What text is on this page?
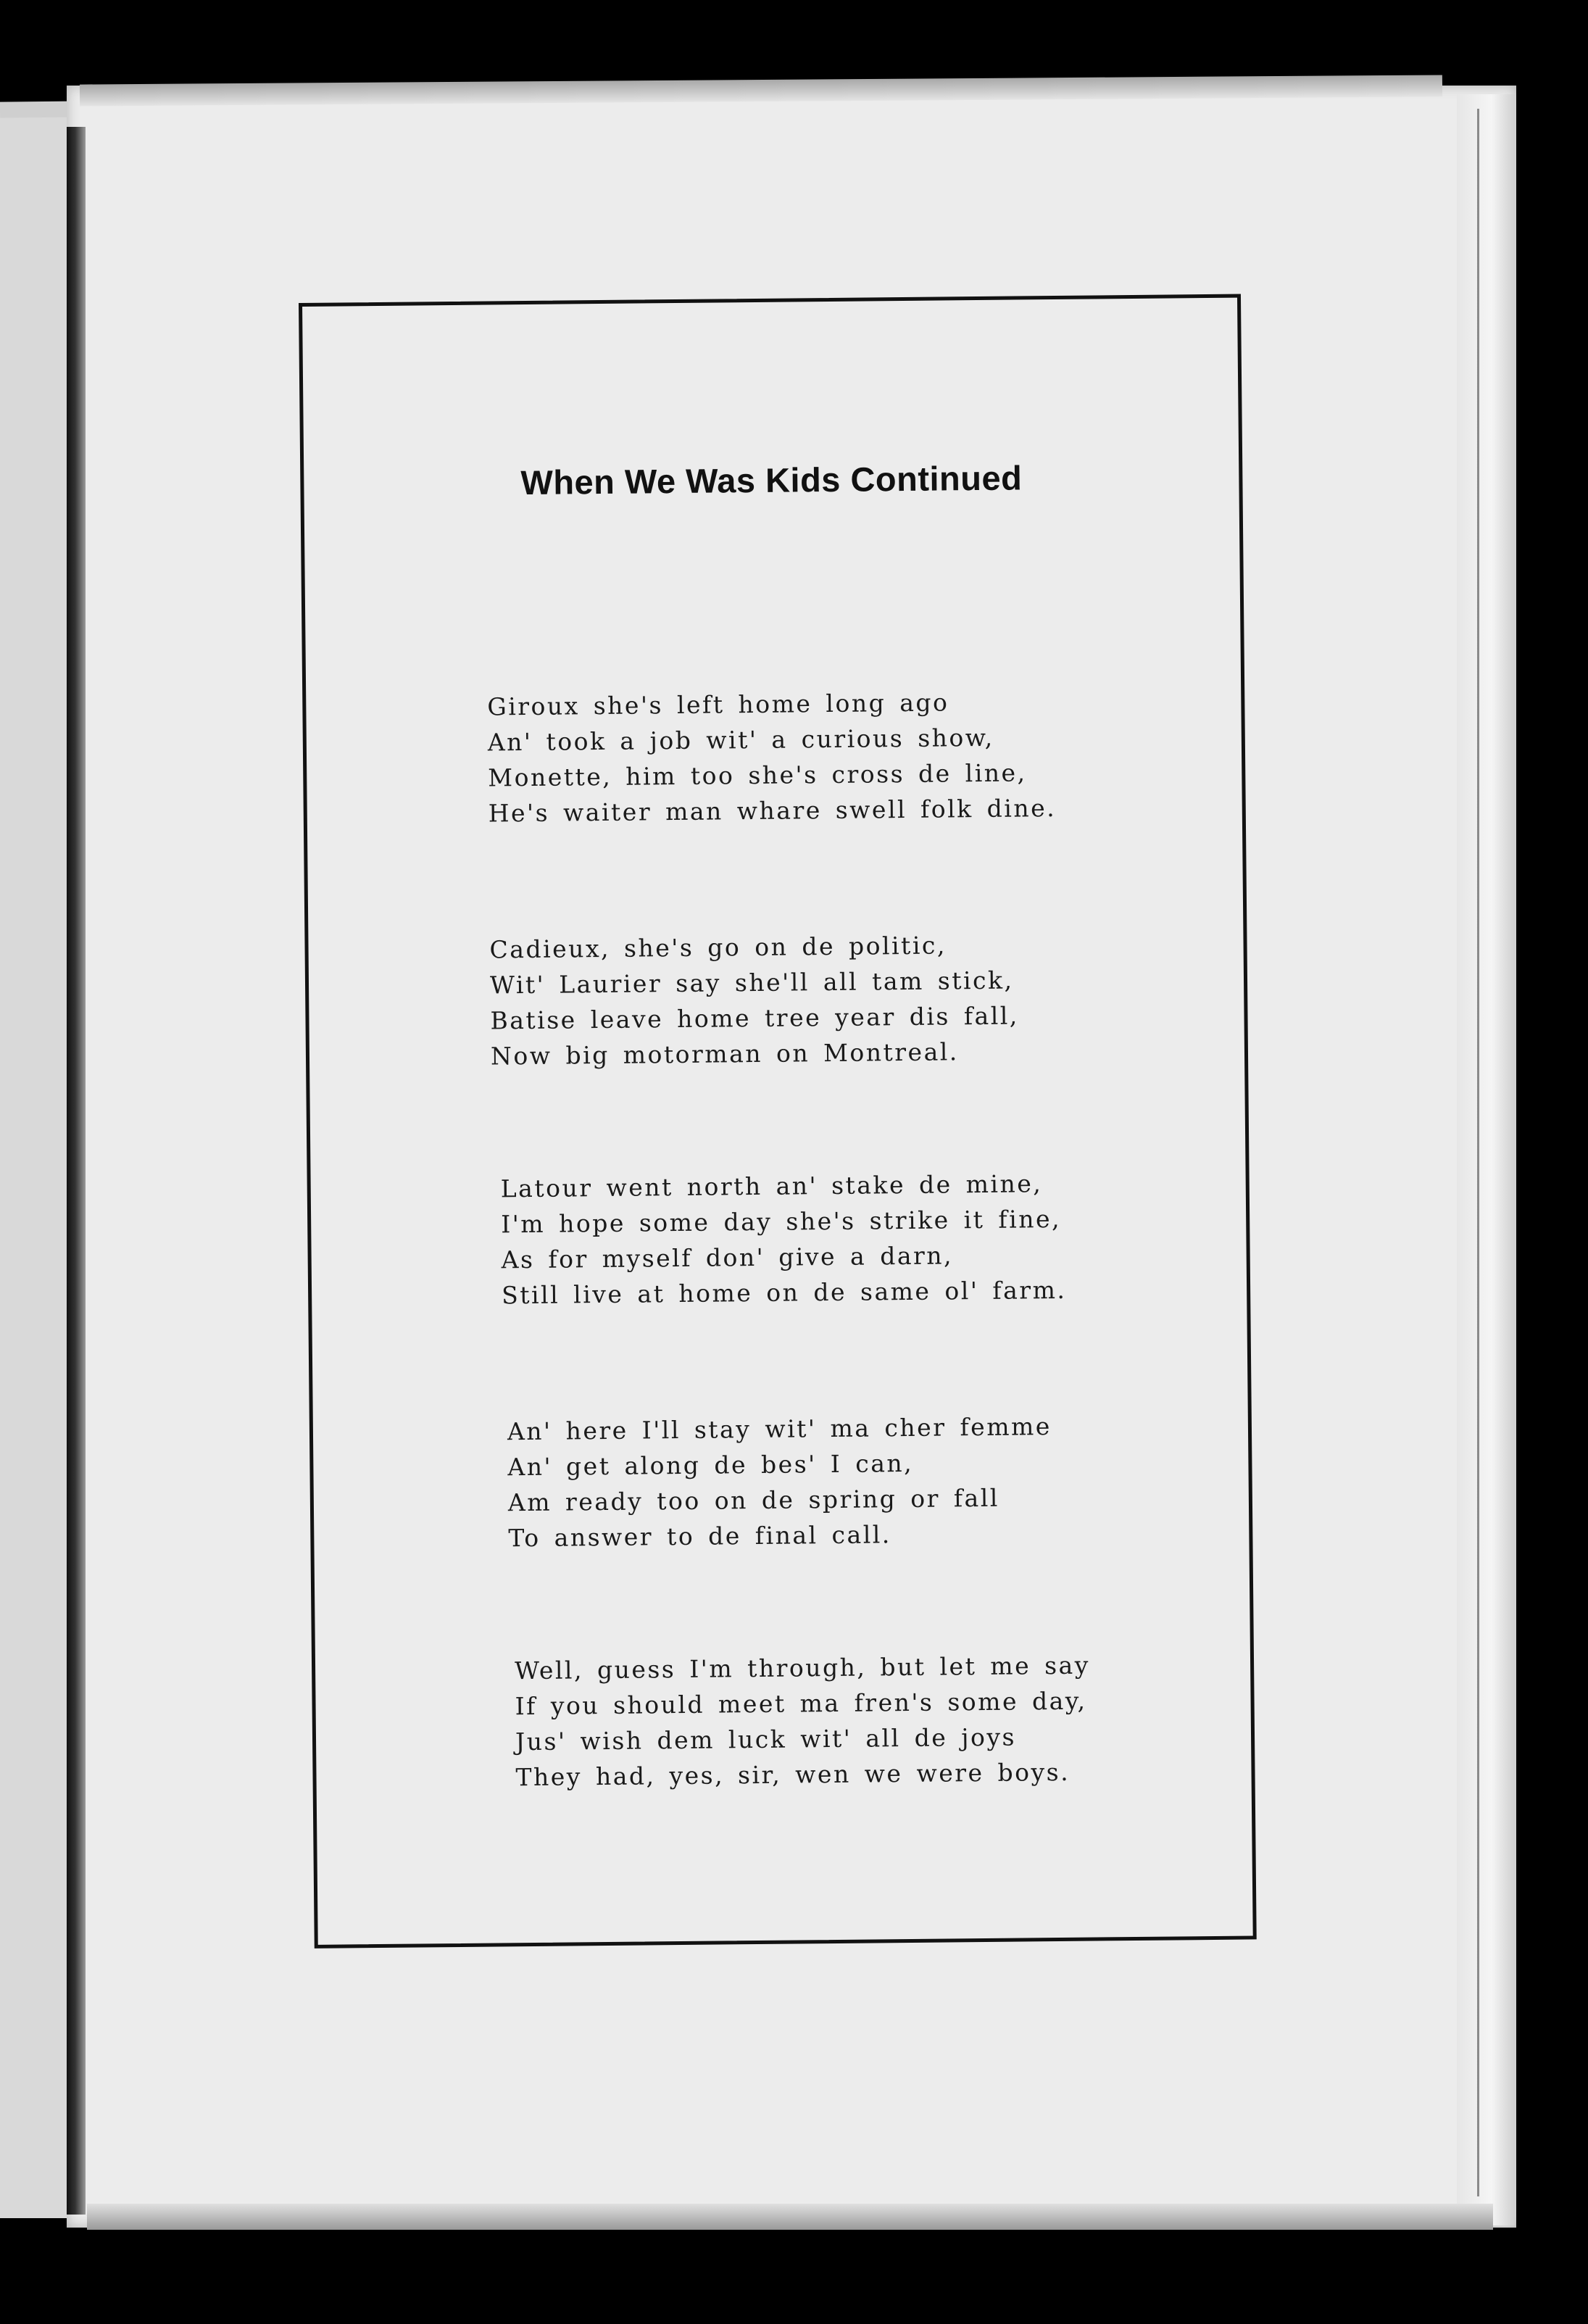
When We Was Kids Continued
Giroux she's left home long ago
An' took a job wit' a curious show,
Monette, him too she's cross de line,
He's waiter man whare swell folk dine.
Cadieux, she's go on de politic,
Wit' Laurier say she'll all tam stick,
Batise leave home tree year dis fall,
Now big motorman on Montreal.
Latour went north an' stake de mine,
I'm hope some day she's strike it fine,
As for myself don' give a darn,
Still live at home on de same ol' farm.
An' here I'll stay wit' ma cher femme
An' get along de bes' I can,
Am ready too on de spring or fall
To answer to de final call.
Well, guess I'm through, but let me say
If you should meet ma fren's some day,
Jus' wish dem luck wit' all de joys
They had, yes, sir, wen we were boys.
